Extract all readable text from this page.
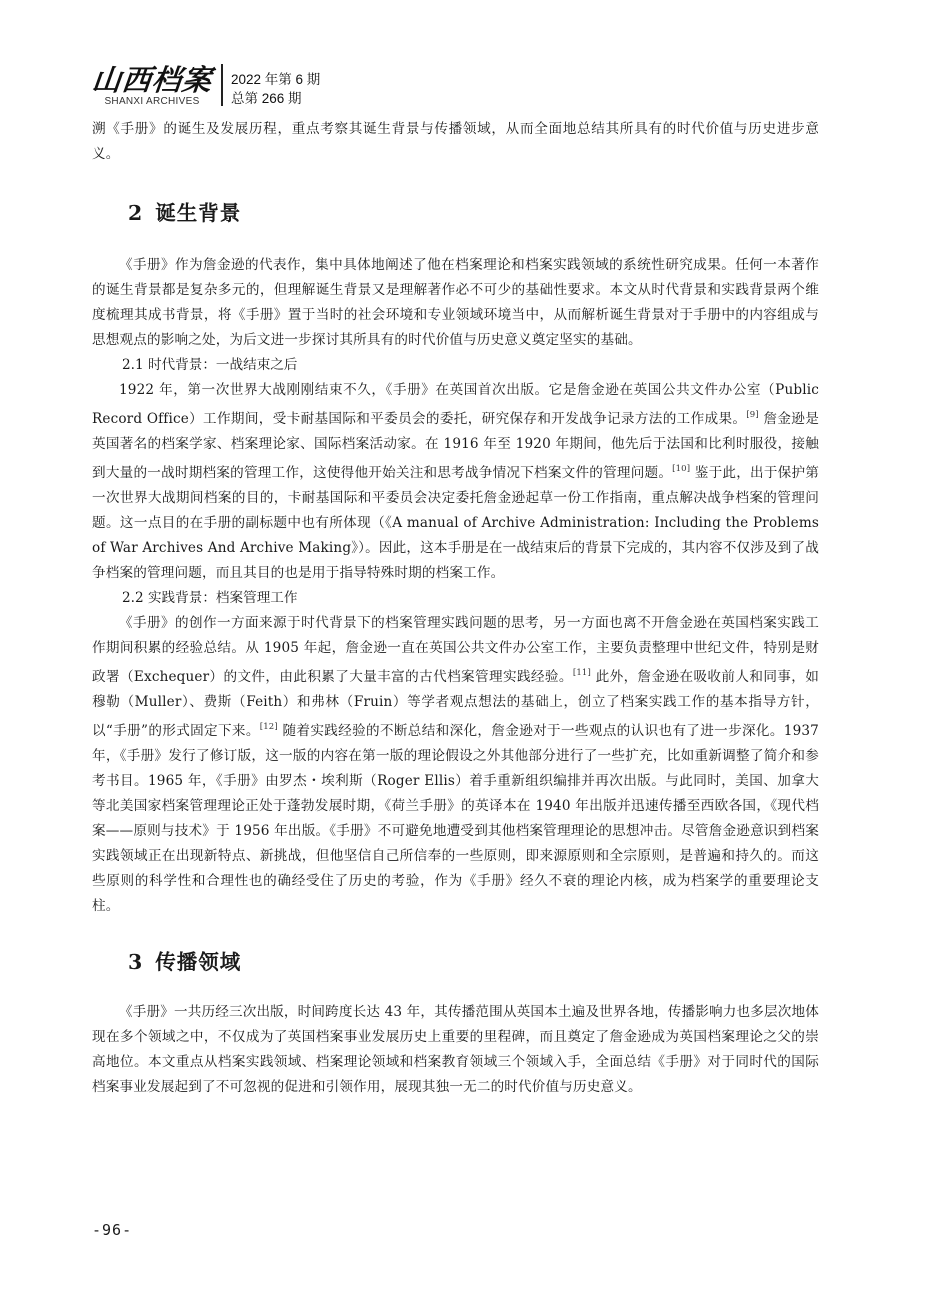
山西档案
SHANXI ARCHIVES
2022 年第 6 期
总第 266 期

溯《手册》的诞生及发展历程，重点考察其诞生背景与传播领域，从而全面地总结其所具有的时代价值与历史进步意义。

2 诞生背景

《手册》作为詹金逊的代表作，集中具体地阐述了他在档案理论和档案实践领域的系统性研究成果。任何一本著作的诞生背景都是复杂多元的，但理解诞生背景又是理解著作必不可少的基础性要求。本文从时代背景和实践背景两个维度梳理其成书背景，将《手册》置于当时的社会环境和专业领域环境当中，从而解析诞生背景对于手册中的内容组成与思想观点的影响之处，为后文进一步探讨其所具有的时代价值与历史意义奠定坚实的基础。

2.1 时代背景：一战结束之后

1922 年，第一次世界大战刚刚结束不久，《手册》在英国首次出版。它是詹金逊在英国公共文件办公室（Public Record Office）工作期间，受卡耐基国际和平委员会的委托，研究保存和开发战争记录方法的工作成果。[9] 詹金逊是英国著名的档案学家、档案理论家、国际档案活动家。在 1916 年至 1920 年期间，他先后于法国和比利时服役，接触到大量的一战时期档案的管理工作，这使得他开始关注和思考战争情况下档案文件的管理问题。[10] 鉴于此，出于保护第一次世界大战期间档案的目的，卡耐基国际和平委员会决定委托詹金逊起草一份工作指南，重点解决战争档案的管理问题。这一点目的在手册的副标题中也有所体现（《A manual of Archive Administration: Including the Problems of War Archives And Archive Making》）。因此，这本手册是在一战结束后的背景下完成的，其内容不仅涉及到了战争档案的管理问题，而且其目的也是用于指导特殊时期的档案工作。

2.2 实践背景：档案管理工作

《手册》的创作一方面来源于时代背景下的档案管理实践问题的思考，另一方面也离不开詹金逊在英国档案实践工作期间积累的经验总结。从 1905 年起，詹金逊一直在英国公共文件办公室工作，主要负责整理中世纪文件，特别是财政署（Exchequer）的文件，由此积累了大量丰富的古代档案管理实践经验。[11] 此外，詹金逊在吸收前人和同事，如穆勒（Muller）、费斯（Feith）和弗林（Fruin）等学者观点想法的基础上，创立了档案实践工作的基本指导方针，以“手册”的形式固定下来。[12] 随着实践经验的不断总结和深化，詹金逊对于一些观点的认识也有了进一步深化。1937 年，《手册》发行了修订版，这一版的内容在第一版的理论假设之外其他部分进行了一些扩充，比如重新调整了简介和参考书目。1965 年，《手册》由罗杰・埃利斯（Roger Ellis）着手重新组织编排并再次出版。与此同时，美国、加拿大等北美国家档案管理理论正处于蓬勃发展时期，《荷兰手册》的英译本在 1940 年出版并迅速传播至西欧各国，《现代档案——原则与技术》于 1956 年出版。《手册》不可避免地遭受到其他档案管理理论的思想冲击。尽管詹金逊意识到档案实践领域正在出现新特点、新挑战，但他坚信自己所信奉的一些原则，即来源原则和全宗原则，是普遍和持久的。而这些原则的科学性和合理性也的确经受住了历史的考验，作为《手册》经久不衰的理论内核，成为档案学的重要理论支柱。

3 传播领域

《手册》一共历经三次出版，时间跨度长达 43 年，其传播范围从英国本土遍及世界各地，传播影响力也多层次地体现在多个领域之中，不仅成为了英国档案事业发展历史上重要的里程碑，而且奠定了詹金逊成为英国档案理论之父的崇高地位。本文重点从档案实践领域、档案理论领域和档案教育领域三个领域入手，全面总结《手册》对于同时代的国际档案事业发展起到了不可忽视的促进和引领作用，展现其独一无二的时代价值与历史意义。

-96-
